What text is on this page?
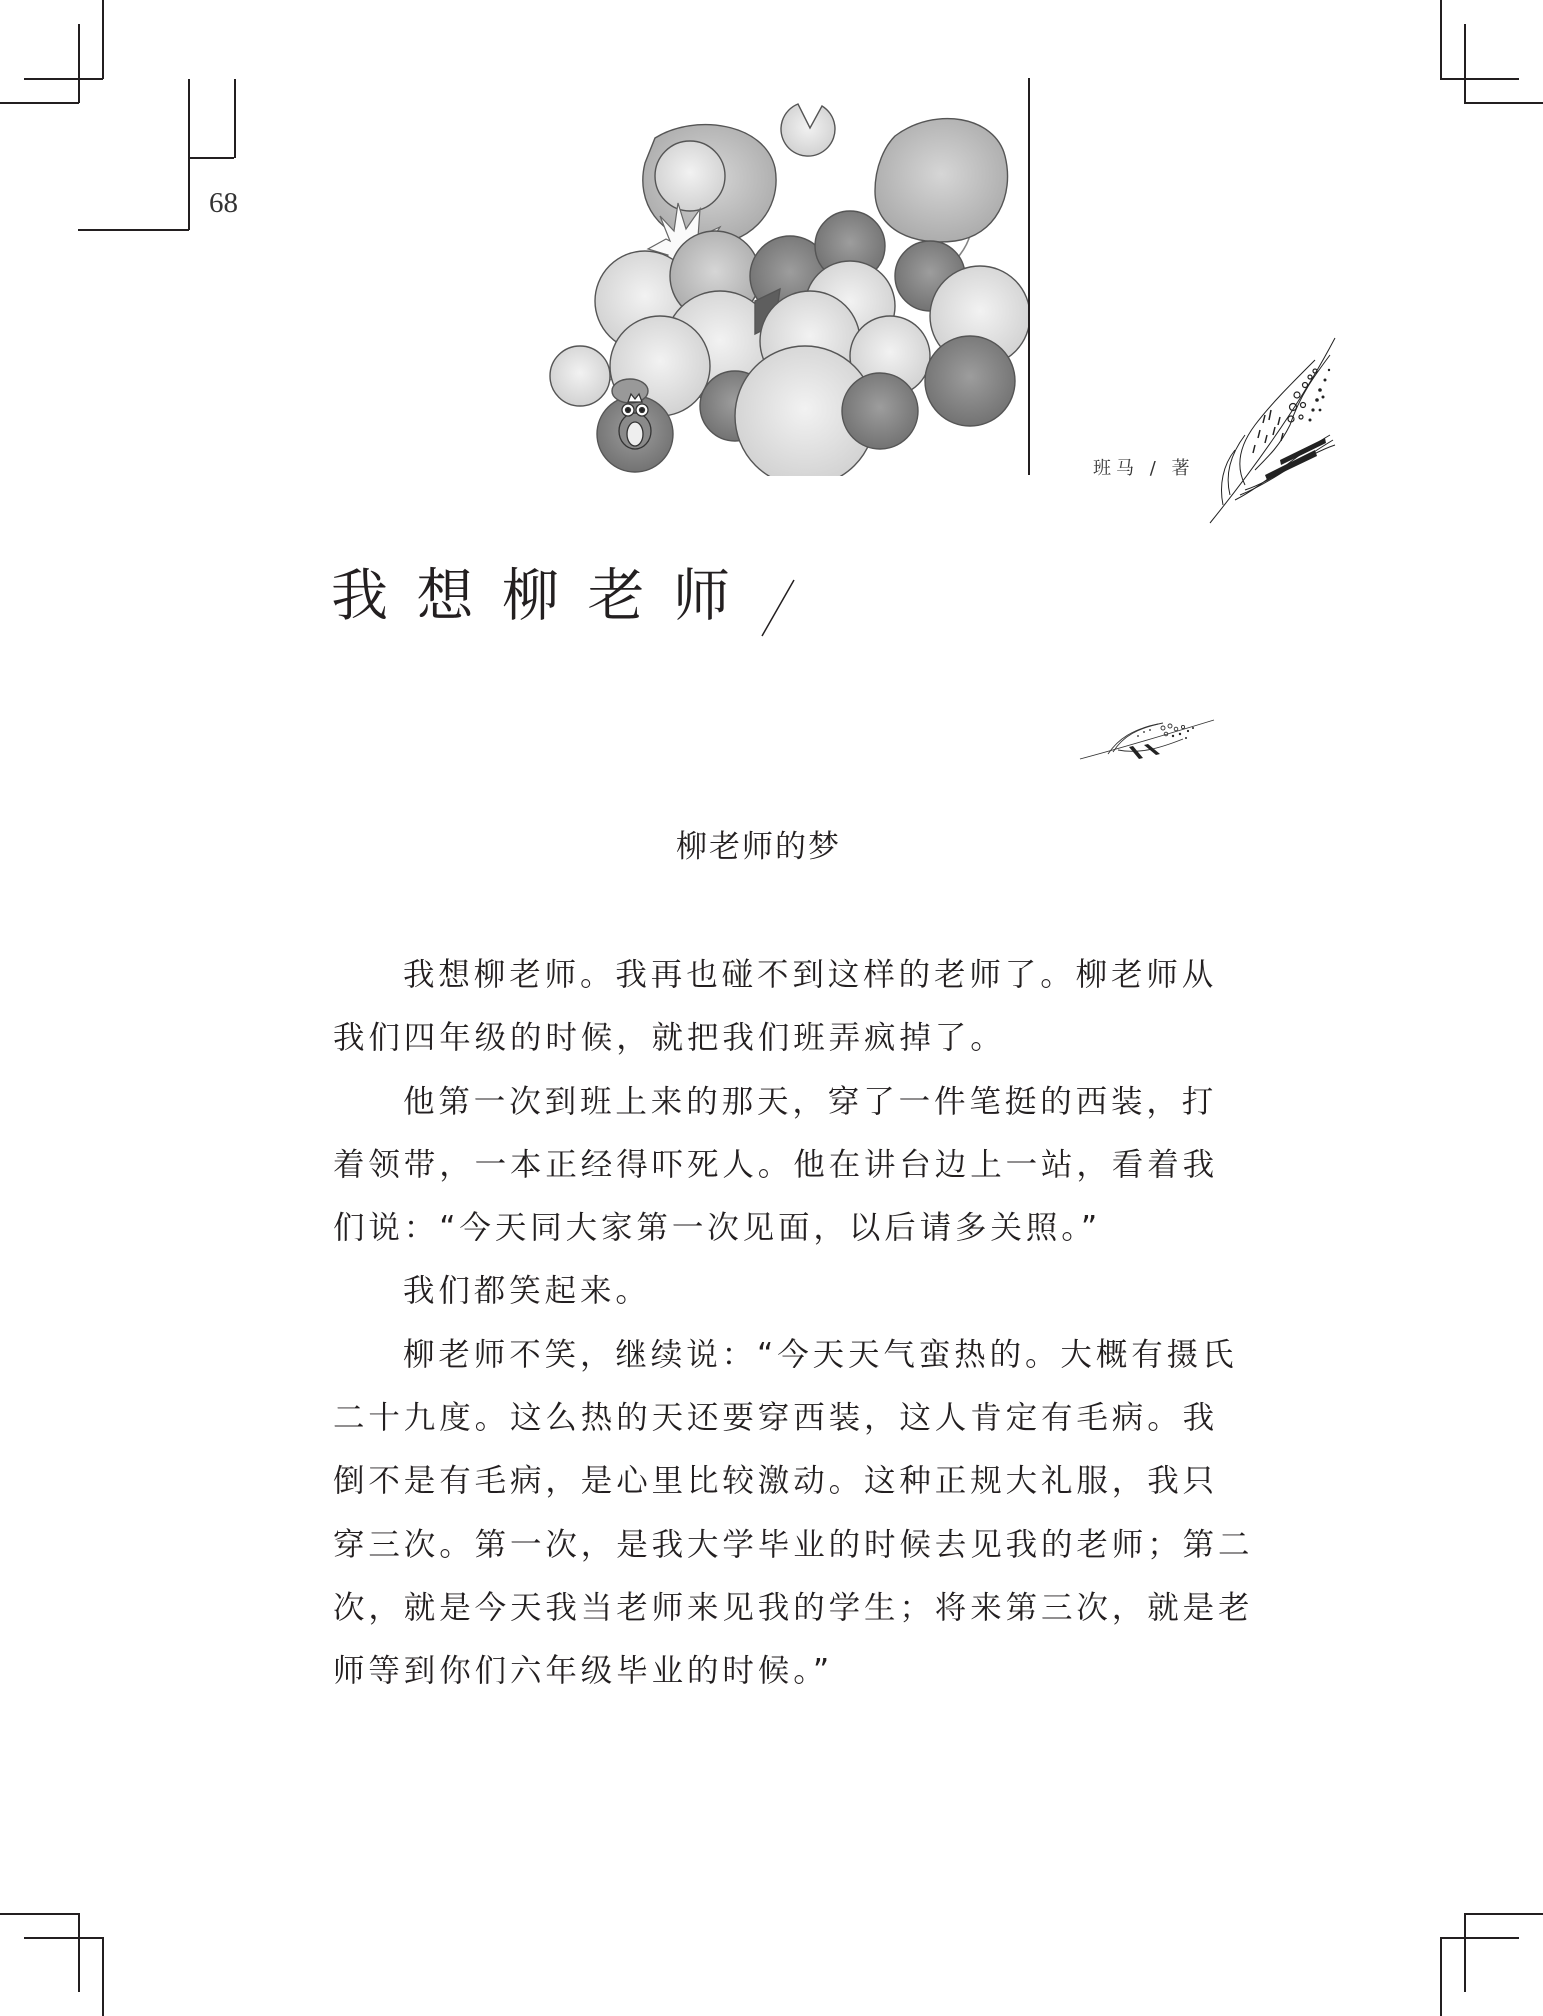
68
班马 / 著
我想柳老师
柳老师的梦
我想柳老师。我再也碰不到这样的老师了。柳老师从
我们四年级的时候，就把我们班弄疯掉了。
他第一次到班上来的那天，穿了一件笔挺的西装，打
着领带，一本正经得吓死人。他在讲台边上一站，看着我
们说：“今天同大家第一次见面，以后请多关照。”
我们都笑起来。
柳老师不笑，继续说：“今天天气蛮热的。大概有摄氏
二十九度。这么热的天还要穿西装，这人肯定有毛病。我
倒不是有毛病，是心里比较激动。这种正规大礼服，我只
穿三次。第一次，是我大学毕业的时候去见我的老师；第二
次，就是今天我当老师来见我的学生；将来第三次，就是老
师等到你们六年级毕业的时候。”
